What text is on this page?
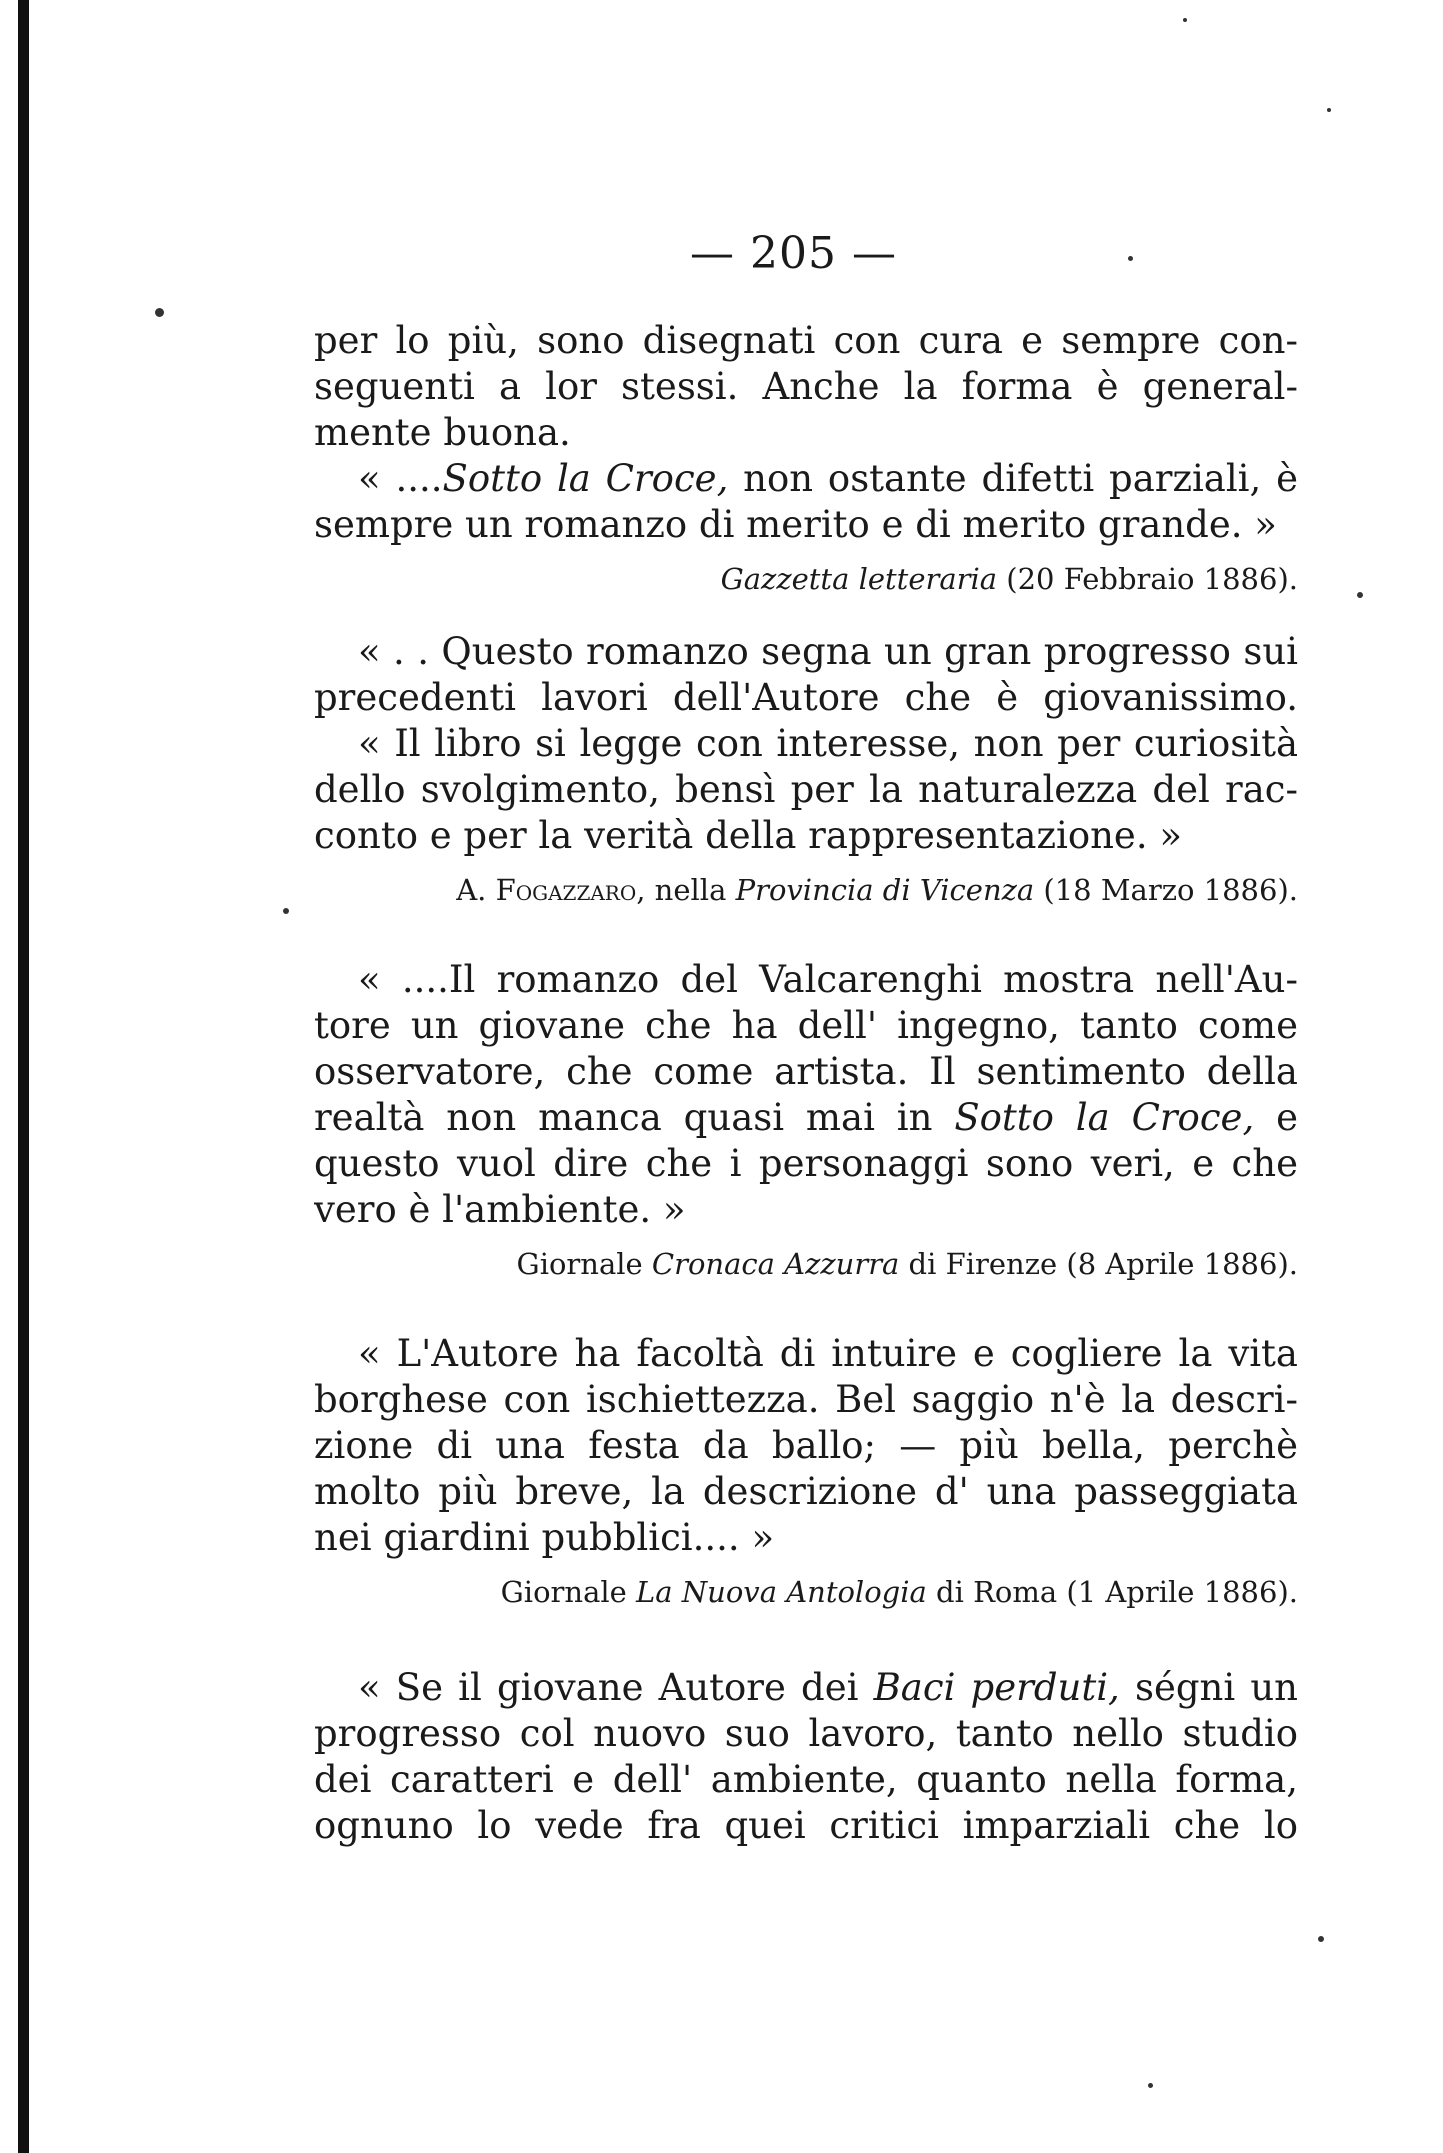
— 205 —
per lo più, sono disegnati con cura e sempre con-
seguenti a lor stessi. Anche la forma è general-
mente buona.
« ....Sotto la Croce, non ostante difetti parziali, è
sempre un romanzo di merito e di merito grande. »
Gazzetta letteraria (20 Febbraio 1886).
« . . Questo romanzo segna un gran progresso sui
precedenti lavori dell'Autore che è giovanissimo.
« Il libro si legge con interesse, non per curiosità
dello svolgimento, bensì per la naturalezza del rac-
conto e per la verità della rappresentazione. »
A. Fogazzaro, nella Provincia di Vicenza (18 Marzo 1886).
« ....Il romanzo del Valcarenghi mostra nell'Au-
tore un giovane che ha dell' ingegno, tanto come
osservatore, che come artista. Il sentimento della
realtà non manca quasi mai in Sotto la Croce, e
questo vuol dire che i personaggi sono veri, e che
vero è l'ambiente. »
Giornale Cronaca Azzurra di Firenze (8 Aprile 1886).
« L'Autore ha facoltà di intuire e cogliere la vita
borghese con ischiettezza. Bel saggio n'è la descri-
zione di una festa da ballo; — più bella, perchè
molto più breve, la descrizione d' una passeggiata
nei giardini pubblici.... »
Giornale La Nuova Antologia di Roma (1 Aprile 1886).
« Se il giovane Autore dei Baci perduti, ségni un
progresso col nuovo suo lavoro, tanto nello studio
dei caratteri e dell' ambiente, quanto nella forma,
ognuno lo vede fra quei critici imparziali che lo
